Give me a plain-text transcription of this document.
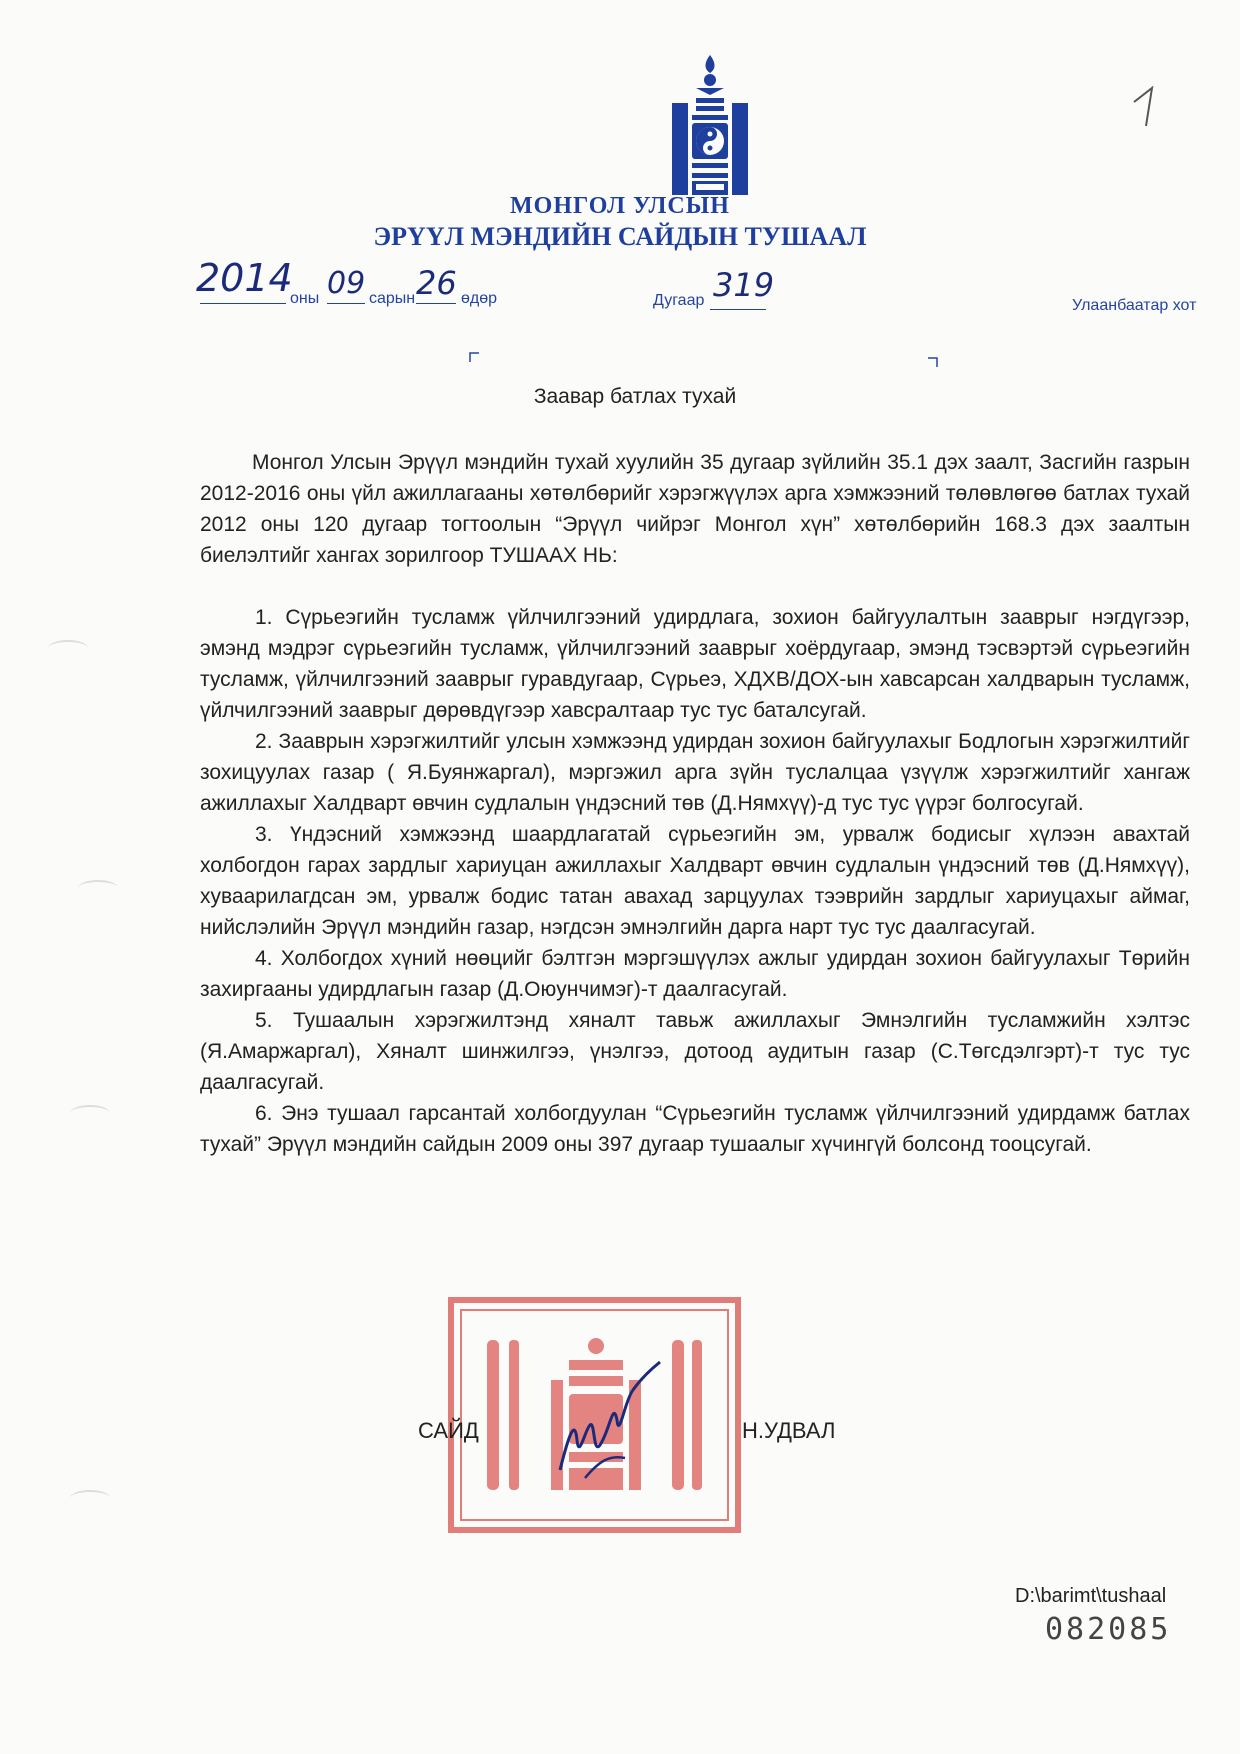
МОНГОЛ УЛСЫН
ЭРҮҮЛ МЭНДИЙН САЙДЫН ТУШААЛ
2014
оны 09 сарын 26 өдөр	Дугаар 319
Улаанбаатар хот
Заавар батлах тухай

Монгол Улсын Эрүүл мэндийн тухай хуулийн 35 дугаар зүйлийн 35.1 дэх заалт, Засгийн газрын 2012-2016 оны үйл ажиллагааны хөтөлбөрийг хэрэгжүүлэх арга хэмжээний төлөвлөгөө батлах тухай 2012 оны 120 дугаар тогтоолын “Эрүүл чийрэг Монгол хүн” хөтөлбөрийн 168.3 дэх заалтын биелэлтийг хангах зорилгоор ТУШААХ НЬ:

1. Сүрьеэгийн тусламж үйлчилгээний удирдлага, зохион байгуулалтын зааврыг нэгдүгээр, эмэнд мэдрэг сүрьеэгийн тусламж, үйлчилгээний зааврыг хоёрдугаар, эмэнд тэсвэртэй сүрьеэгийн тусламж, үйлчилгээний зааврыг гуравдугаар, Сүрьеэ, ХДХВ/ДОХ-ын хавсарсан халдварын тусламж, үйлчилгээний зааврыг дөрөвдүгээр хавсралтаар тус тус баталсугай.

2. Зааврын хэрэгжилтийг улсын хэмжээнд удирдан зохион байгуулахыг Бодлогын хэрэгжилтийг зохицуулах газар ( Я.Буянжаргал), мэргэжил арга зүйн туслалцаа үзүүлж хэрэгжилтийг хангаж ажиллахыг Халдварт өвчин судлалын үндэсний төв (Д.Нямхүү)-д тус тус үүрэг болгосугай.

3. Үндэсний хэмжээнд шаардлагатай сүрьеэгийн эм, урвалж бодисыг хүлээн авахтай холбогдон гарах зардлыг хариуцан ажиллахыг Халдварт өвчин судлалын үндэсний төв (Д.Нямхүү), хуваарилагдсан эм, урвалж бодис татан авахад зарцуулах тээврийн зардлыг хариуцахыг аймаг, нийслэлийн Эрүүл мэндийн газар, нэгдсэн эмнэлгийн дарга нарт тус тус даалгасугай.

4. Холбогдох хүний нөөцийг бэлтгэн мэргэшүүлэх ажлыг удирдан зохион байгуулахыг Төрийн захиргааны удирдлагын газар (Д.Оюунчимэг)-т даалгасугай.

5. Тушаалын хэрэгжилтэнд хяналт тавьж ажиллахыг Эмнэлгийн тусламжийн хэлтэс (Я.Амаржаргал), Хяналт шинжилгээ, үнэлгээ, дотоод аудитын газар (С.Төгсдэлгэрт)-т тус тус даалгасугай.

6. Энэ тушаал гарсантай холбогдуулан “Сүрьеэгийн тусламж үйлчилгээний удирдамж батлах тухай” Эрүүл мэндийн сайдын 2009 оны 397 дугаар тушаалыг хүчингүй болсонд тооцсугай.

САЙД	Н.УДВАЛ
D:\barimt\tushaal
082085
